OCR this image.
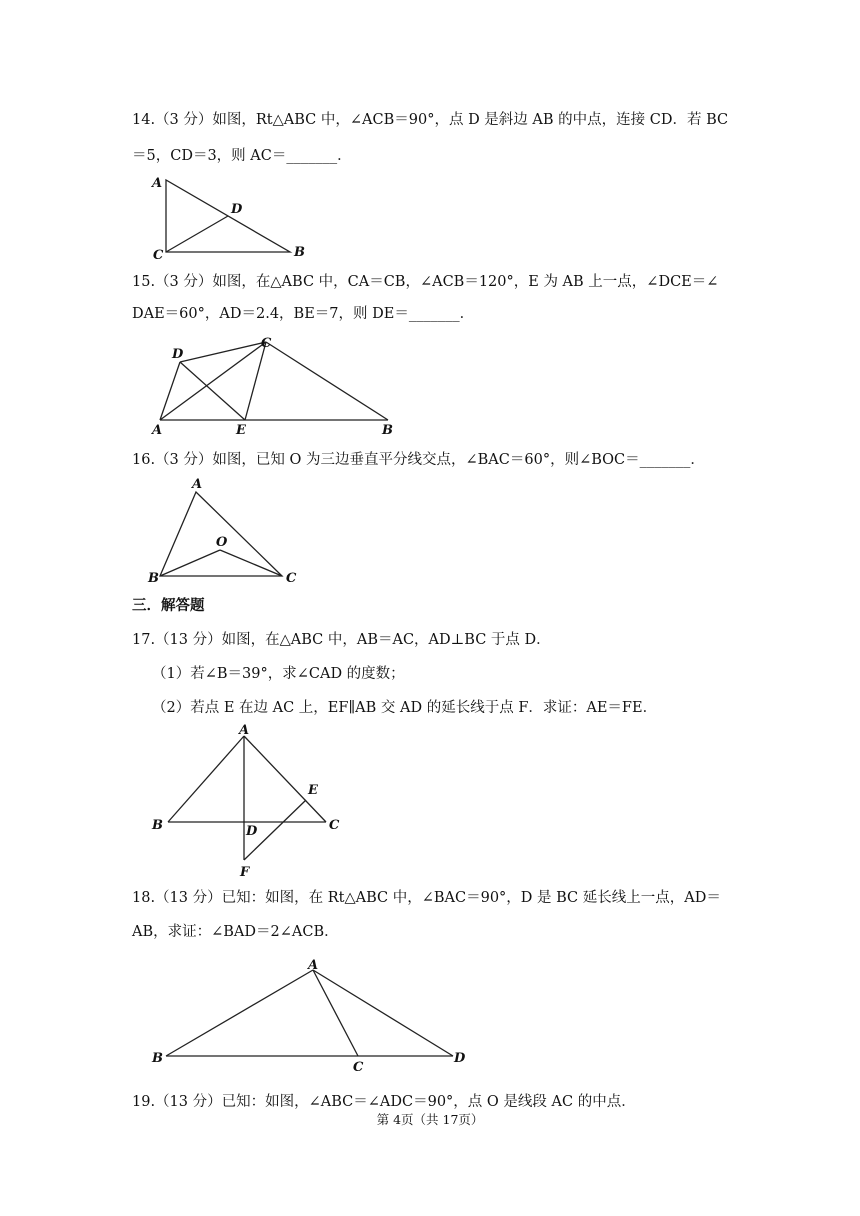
14.（3 分）如图，Rt△ABC 中，∠ACB＝90°，点 D 是斜边 AB 的中点，连接 CD．若 BC
＝5，CD＝3，则 AC＝_______．
A
C	B
D
15.（3 分）如图，在△ABC 中，CA＝CB，∠ACB＝120°，E 为 AB 上一点，∠DCE＝∠
DAE＝60°，AD＝2.4，BE＝7，则 DE＝_______．
D
C
A	E	B
16.（3 分）如图，已知 O 为三边垂直平分线交点，∠BAC＝60°，则∠BOC＝_______．
A
O
B	C
三．解答题
17.（13 分）如图，在△ABC 中，AB＝AC，AD⊥BC 于点 D．
（1）若∠B＝39°，求∠CAD 的度数；
（2）若点 E 在边 AC 上，EF∥AB 交 AD 的延长线于点 F．求证：AE＝FE．
A
B	C
D
E
F
18.（13 分）已知：如图，在 Rt△ABC 中，∠BAC＝90°，D 是 BC 延长线上一点，AD＝
AB，求证：∠BAD＝2∠ACB．
A
B
C
D
19.（13 分）已知：如图，∠ABC＝∠ADC＝90°，点 O 是线段 AC 的中点．
第 4页（共 17页）
